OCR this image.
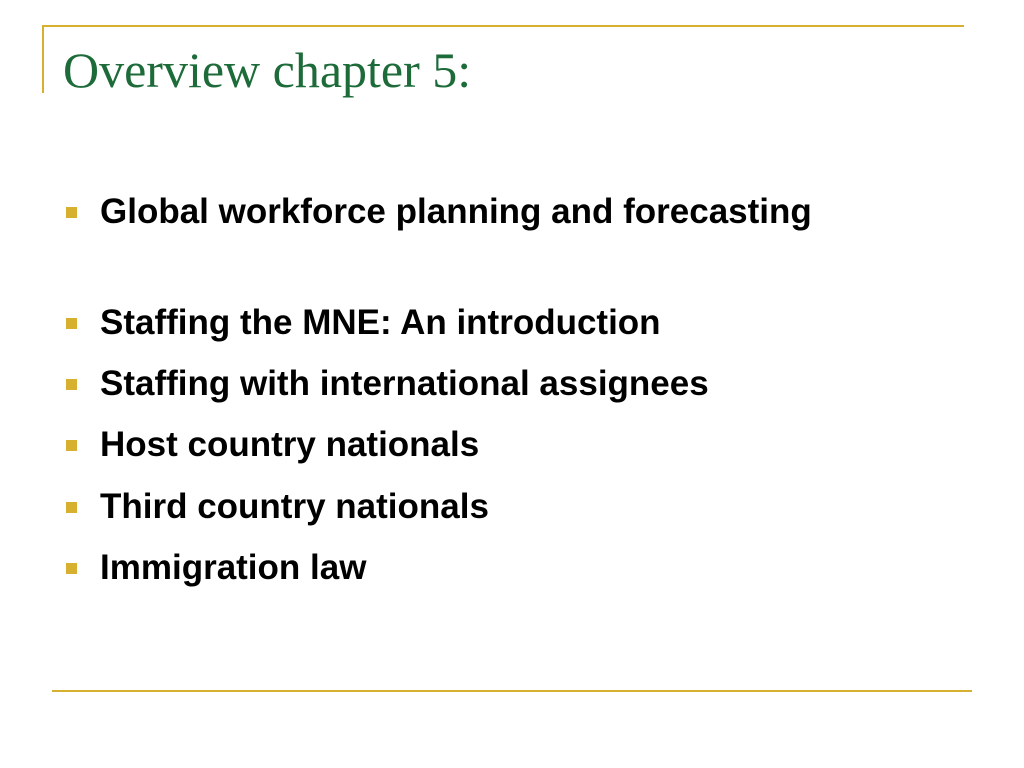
Overview chapter 5:
Global workforce planning and forecasting
Staffing the MNE: An introduction
Staffing with international assignees
Host country nationals
Third country nationals
Immigration law
